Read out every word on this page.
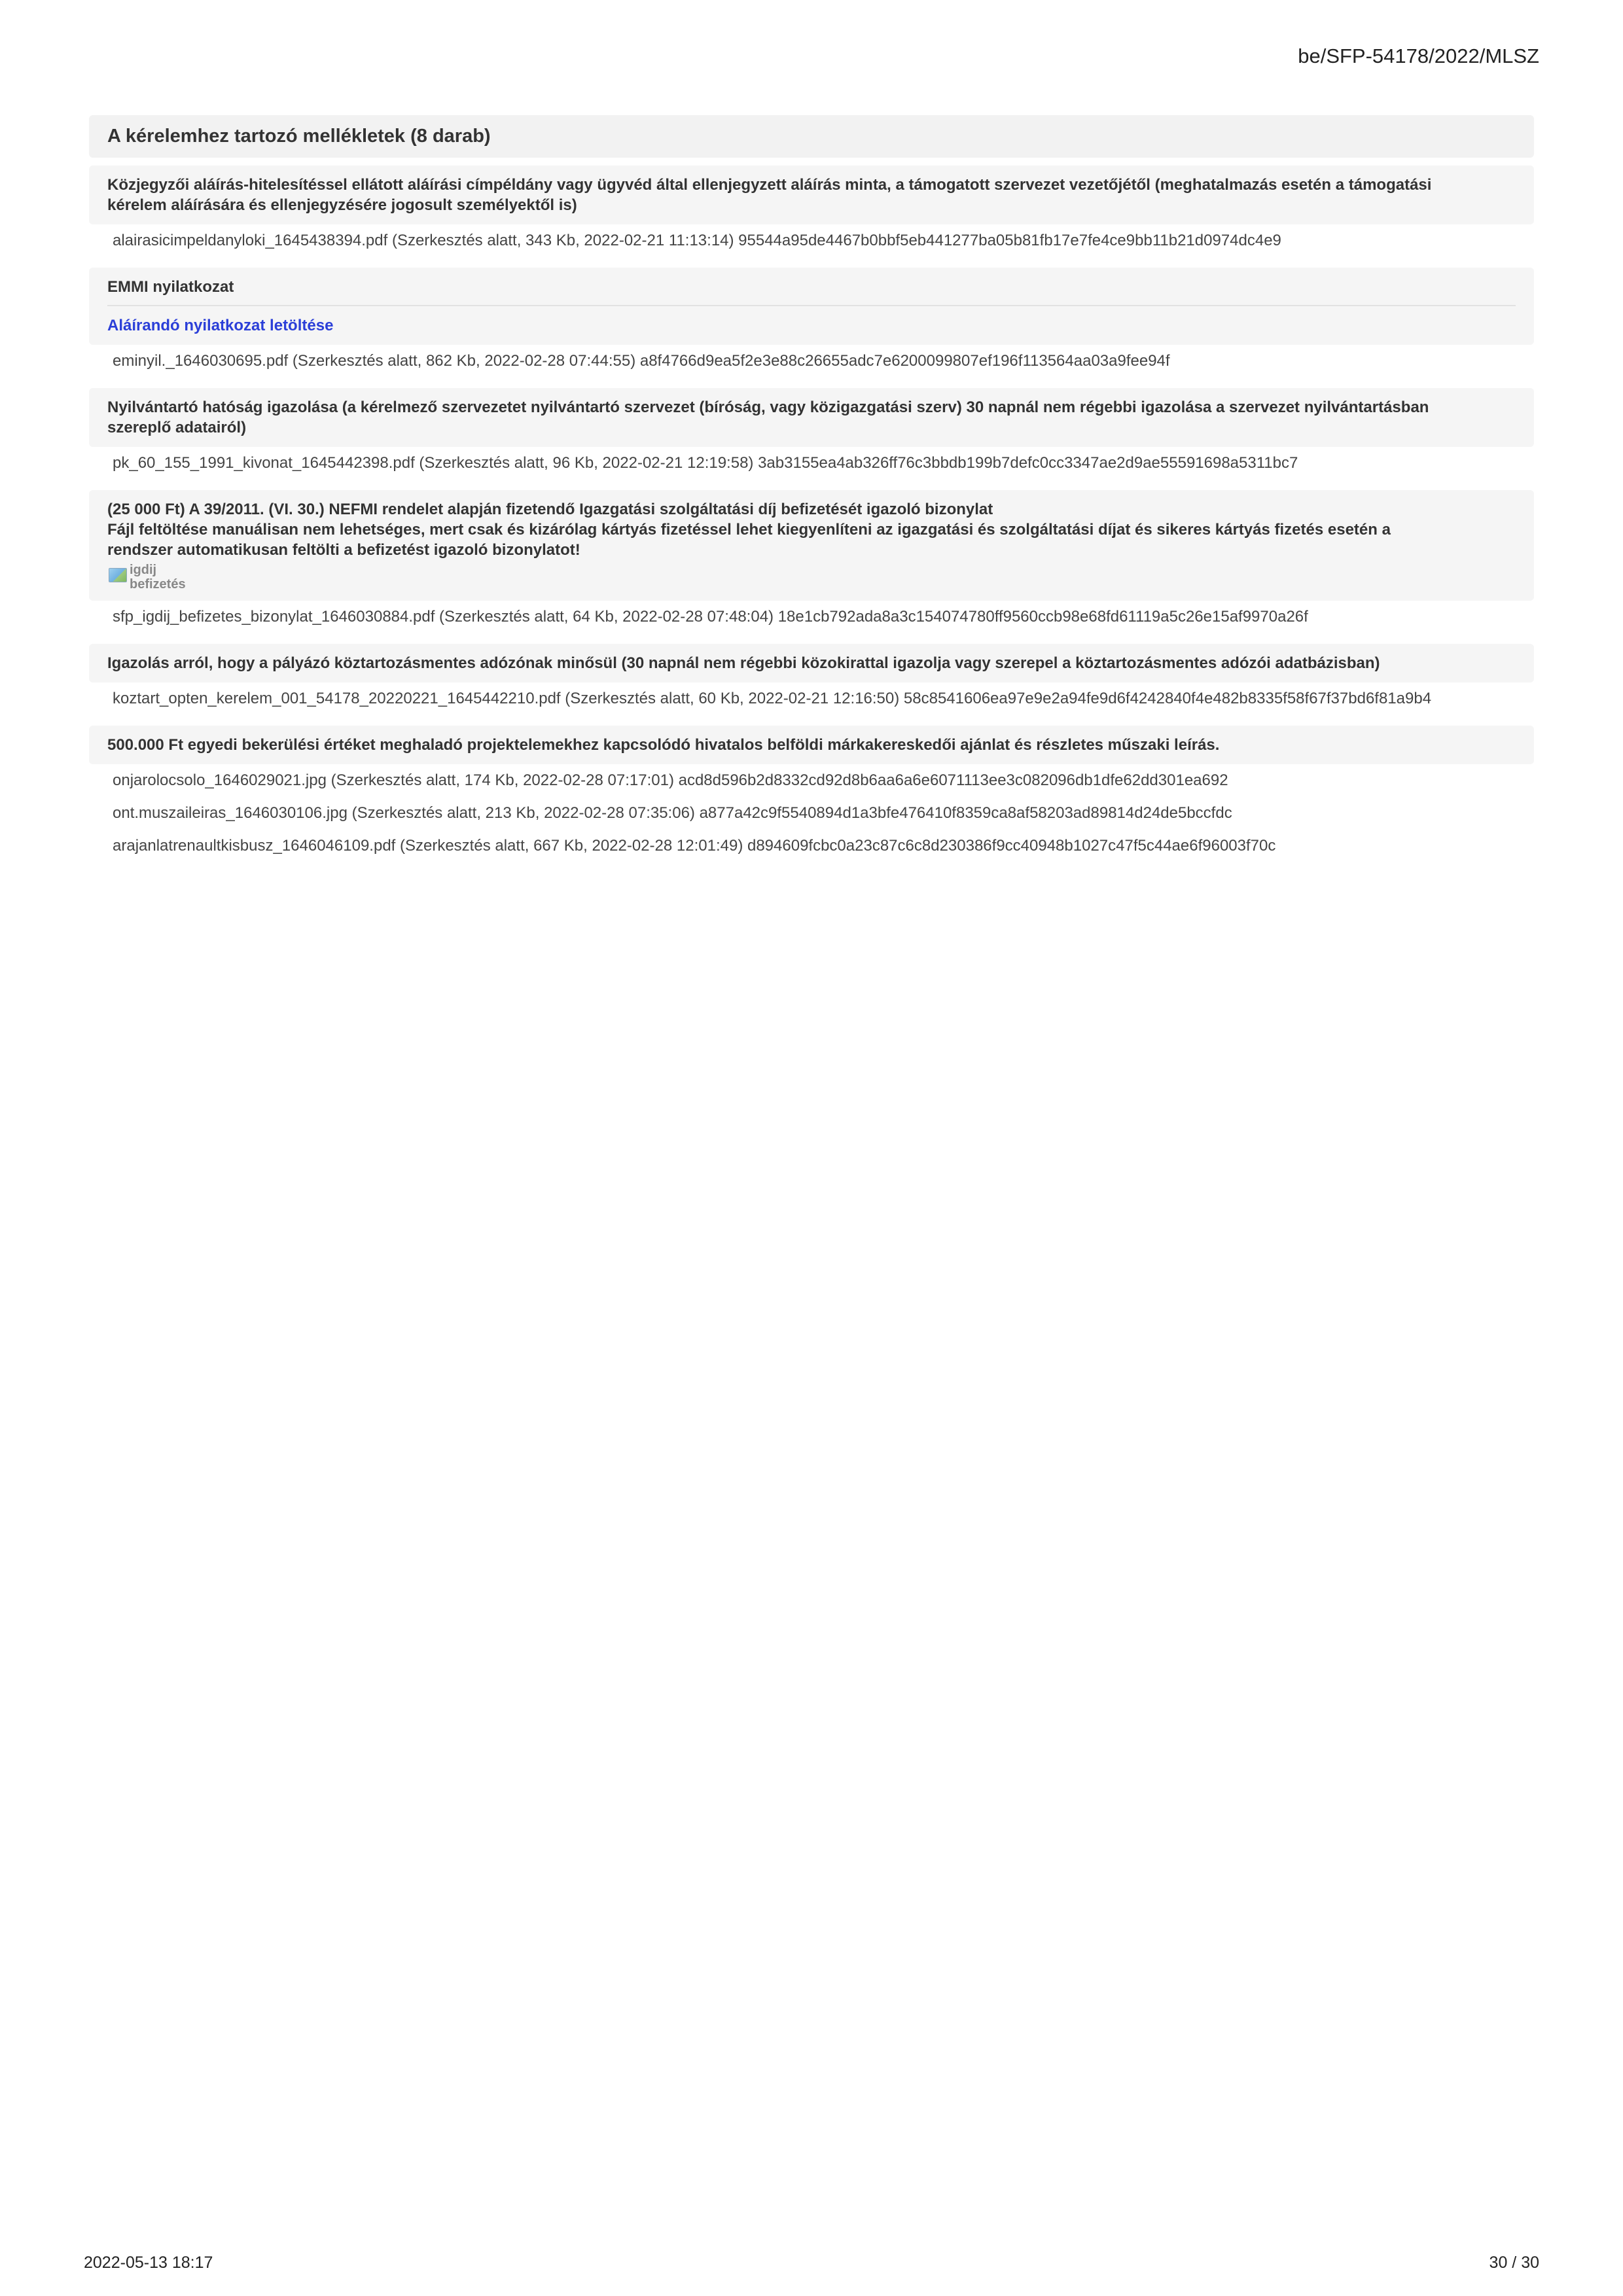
be/SFP-54178/2022/MLSZ
A kérelemhez tartozó mellékletek (8 darab)
Közjegyzői aláírás-hitelesítéssel ellátott aláírási címpéldány vagy ügyvéd által ellenjegyzett aláírás minta, a támogatott szervezet vezetőjétől (meghatalmazás esetén a támogatási
kérelem aláírására és ellenjegyzésére jogosult személyektől is)
alairasicimpeldanyloki_1645438394.pdf (Szerkesztés alatt, 343 Kb, 2022-02-21 11:13:14) 95544a95de4467b0bbf5eb441277ba05b81fb17e7fe4ce9bb11b21d0974dc4e9
EMMI nyilatkozat
Aláírandó nyilatkozat letöltése
eminyil._1646030695.pdf (Szerkesztés alatt, 862 Kb, 2022-02-28 07:44:55) a8f4766d9ea5f2e3e88c26655adc7e6200099807ef196f113564aa03a9fee94f
Nyilvántartó hatóság igazolása (a kérelmező szervezetet nyilvántartó szervezet (bíróság, vagy közigazgatási szerv) 30 napnál nem régebbi igazolása a szervezet nyilvántartásban
szereplő adatairól)
pk_60_155_1991_kivonat_1645442398.pdf (Szerkesztés alatt, 96 Kb, 2022-02-21 12:19:58) 3ab3155ea4ab326ff76c3bbdb199b7defc0cc3347ae2d9ae55591698a5311bc7
(25 000 Ft) A 39/2011. (VI. 30.) NEFMI rendelet alapján fizetendő Igazgatási szolgáltatási díj befizetését igazoló bizonylat
Fájl feltöltése manuálisan nem lehetséges, mert csak és kizárólag kártyás fizetéssel lehet kiegyenlíteni az igazgatási és szolgáltatási díjat és sikeres kártyás fizetés esetén a
rendszer automatikusan feltölti a befizetést igazoló bizonylatot!
igdij
befizetés
sfp_igdij_befizetes_bizonylat_1646030884.pdf (Szerkesztés alatt, 64 Kb, 2022-02-28 07:48:04) 18e1cb792ada8a3c154074780ff9560ccb98e68fd61119a5c26e15af9970a26f
Igazolás arról, hogy a pályázó köztartozásmentes adózónak minősül (30 napnál nem régebbi közokirattal igazolja vagy szerepel a köztartozásmentes adózói adatbázisban)
koztart_opten_kerelem_001_54178_20220221_1645442210.pdf (Szerkesztés alatt, 60 Kb, 2022-02-21 12:16:50) 58c8541606ea97e9e2a94fe9d6f4242840f4e482b8335f58f67f37bd6f81a9b4
500.000 Ft egyedi bekerülési értéket meghaladó projektelemekhez kapcsolódó hivatalos belföldi márkakereskedői ajánlat és részletes műszaki leírás.
onjarolocsolo_1646029021.jpg (Szerkesztés alatt, 174 Kb, 2022-02-28 07:17:01) acd8d596b2d8332cd92d8b6aa6a6e6071113ee3c082096db1dfe62dd301ea692
ont.muszaileiras_1646030106.jpg (Szerkesztés alatt, 213 Kb, 2022-02-28 07:35:06) a877a42c9f5540894d1a3bfe476410f8359ca8af58203ad89814d24de5bccfdc
arajanlatrenaultkisbusz_1646046109.pdf (Szerkesztés alatt, 667 Kb, 2022-02-28 12:01:49) d894609fcbc0a23c87c6c8d230386f9cc40948b1027c47f5c44ae6f96003f70c
2022-05-13 18:17	30 / 30
